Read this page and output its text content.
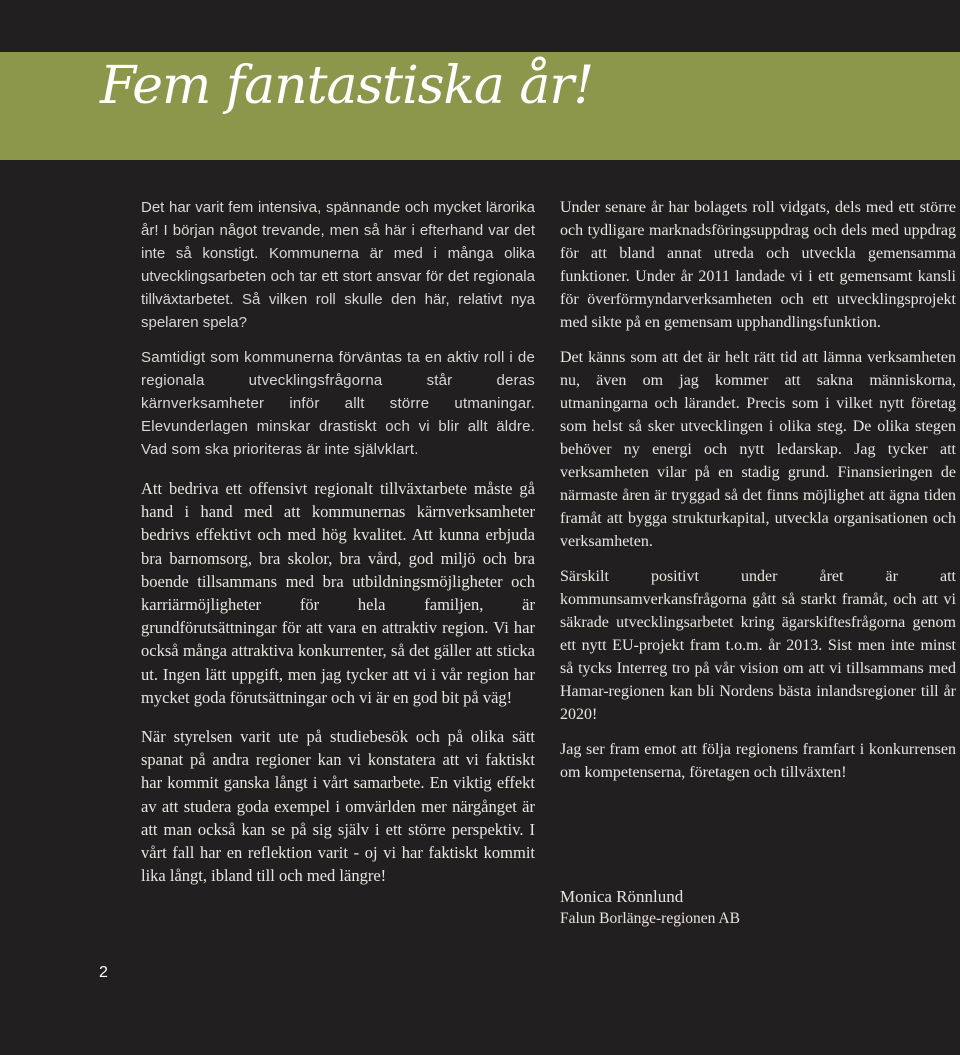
Fem fantastiska år!

Det har varit fem intensiva, spännande och mycket lärorika år! I början något trevande, men så här i efterhand var det inte så konstigt. Kommunerna är med i många olika utvecklingsarbeten och tar ett stort ansvar för det regionala tillväxtarbetet. Så vilken roll skulle den här, relativt nya spelaren spela?

Samtidigt som kommunerna förväntas ta en aktiv roll i de regionala utvecklingsfrågorna står deras kärnverksamheter inför allt större utmaningar. Elevunderlagen minskar drastiskt och vi blir allt äldre. Vad som ska prioriteras är inte självklart.

Att bedriva ett offensivt regionalt tillväxtarbete måste gå hand i hand med att kommunernas kärnverksamheter bedrivs effektivt och med hög kvalitet. Att kunna erbjuda bra barnomsorg, bra skolor, bra vård, god miljö och bra boende tillsammans med bra utbildningsmöjligheter och karriärmöjligheter för hela familjen, är grundförutsättningar för att vara en attraktiv region. Vi har också många attraktiva konkurrenter, så det gäller att sticka ut. Ingen lätt uppgift, men jag tycker att vi i vår region har mycket goda förutsättningar och vi är en god bit på väg!

När styrelsen varit ute på studiebesök och på olika sätt spanat på andra regioner kan vi konstatera att vi faktiskt har kommit ganska långt i vårt samarbete. En viktig effekt av att studera goda exempel i omvärlden mer närgånget är att man också kan se på sig själv i ett större perspektiv. I vårt fall har en reflektion varit - oj vi har faktiskt kommit lika långt, ibland till och med längre!

Under senare år har bolagets roll vidgats, dels med ett större och tydligare marknadsföringsuppdrag och dels med uppdrag för att bland annat utreda och utveckla gemensamma funktioner. Under år 2011 landade vi i ett gemensamt kansli för överförmyndarverksamheten och ett utvecklingsprojekt med sikte på en gemensam upphandlingsfunktion.

Det känns som att det är helt rätt tid att lämna verksamheten nu, även om jag kommer att sakna människorna, utmaningarna och lärandet. Precis som i vilket nytt företag som helst så sker utvecklingen i olika steg. De olika stegen behöver ny energi och nytt ledarskap. Jag tycker att verksamheten vilar på en stadig grund. Finansieringen de närmaste åren är tryggad så det finns möjlighet att ägna tiden framåt att bygga strukturkapital, utveckla organisationen och verksamheten.

Särskilt positivt under året är att kommunsamverkansfrågorna gått så starkt framåt, och att vi säkrade utvecklingsarbetet kring ägarskiftesfrågorna genom ett nytt EU-projekt fram t.o.m. år 2013. Sist men inte minst så tycks Interreg tro på vår vision om att vi tillsammans med Hamar-regionen kan bli Nordens bästa inlandsregioner till år 2020!

Jag ser fram emot att följa regionens framfart i konkurrensen om kompetenserna, företagen och tillväxten!

Monica Rönnlund
Falun Borlänge-regionen AB
2
